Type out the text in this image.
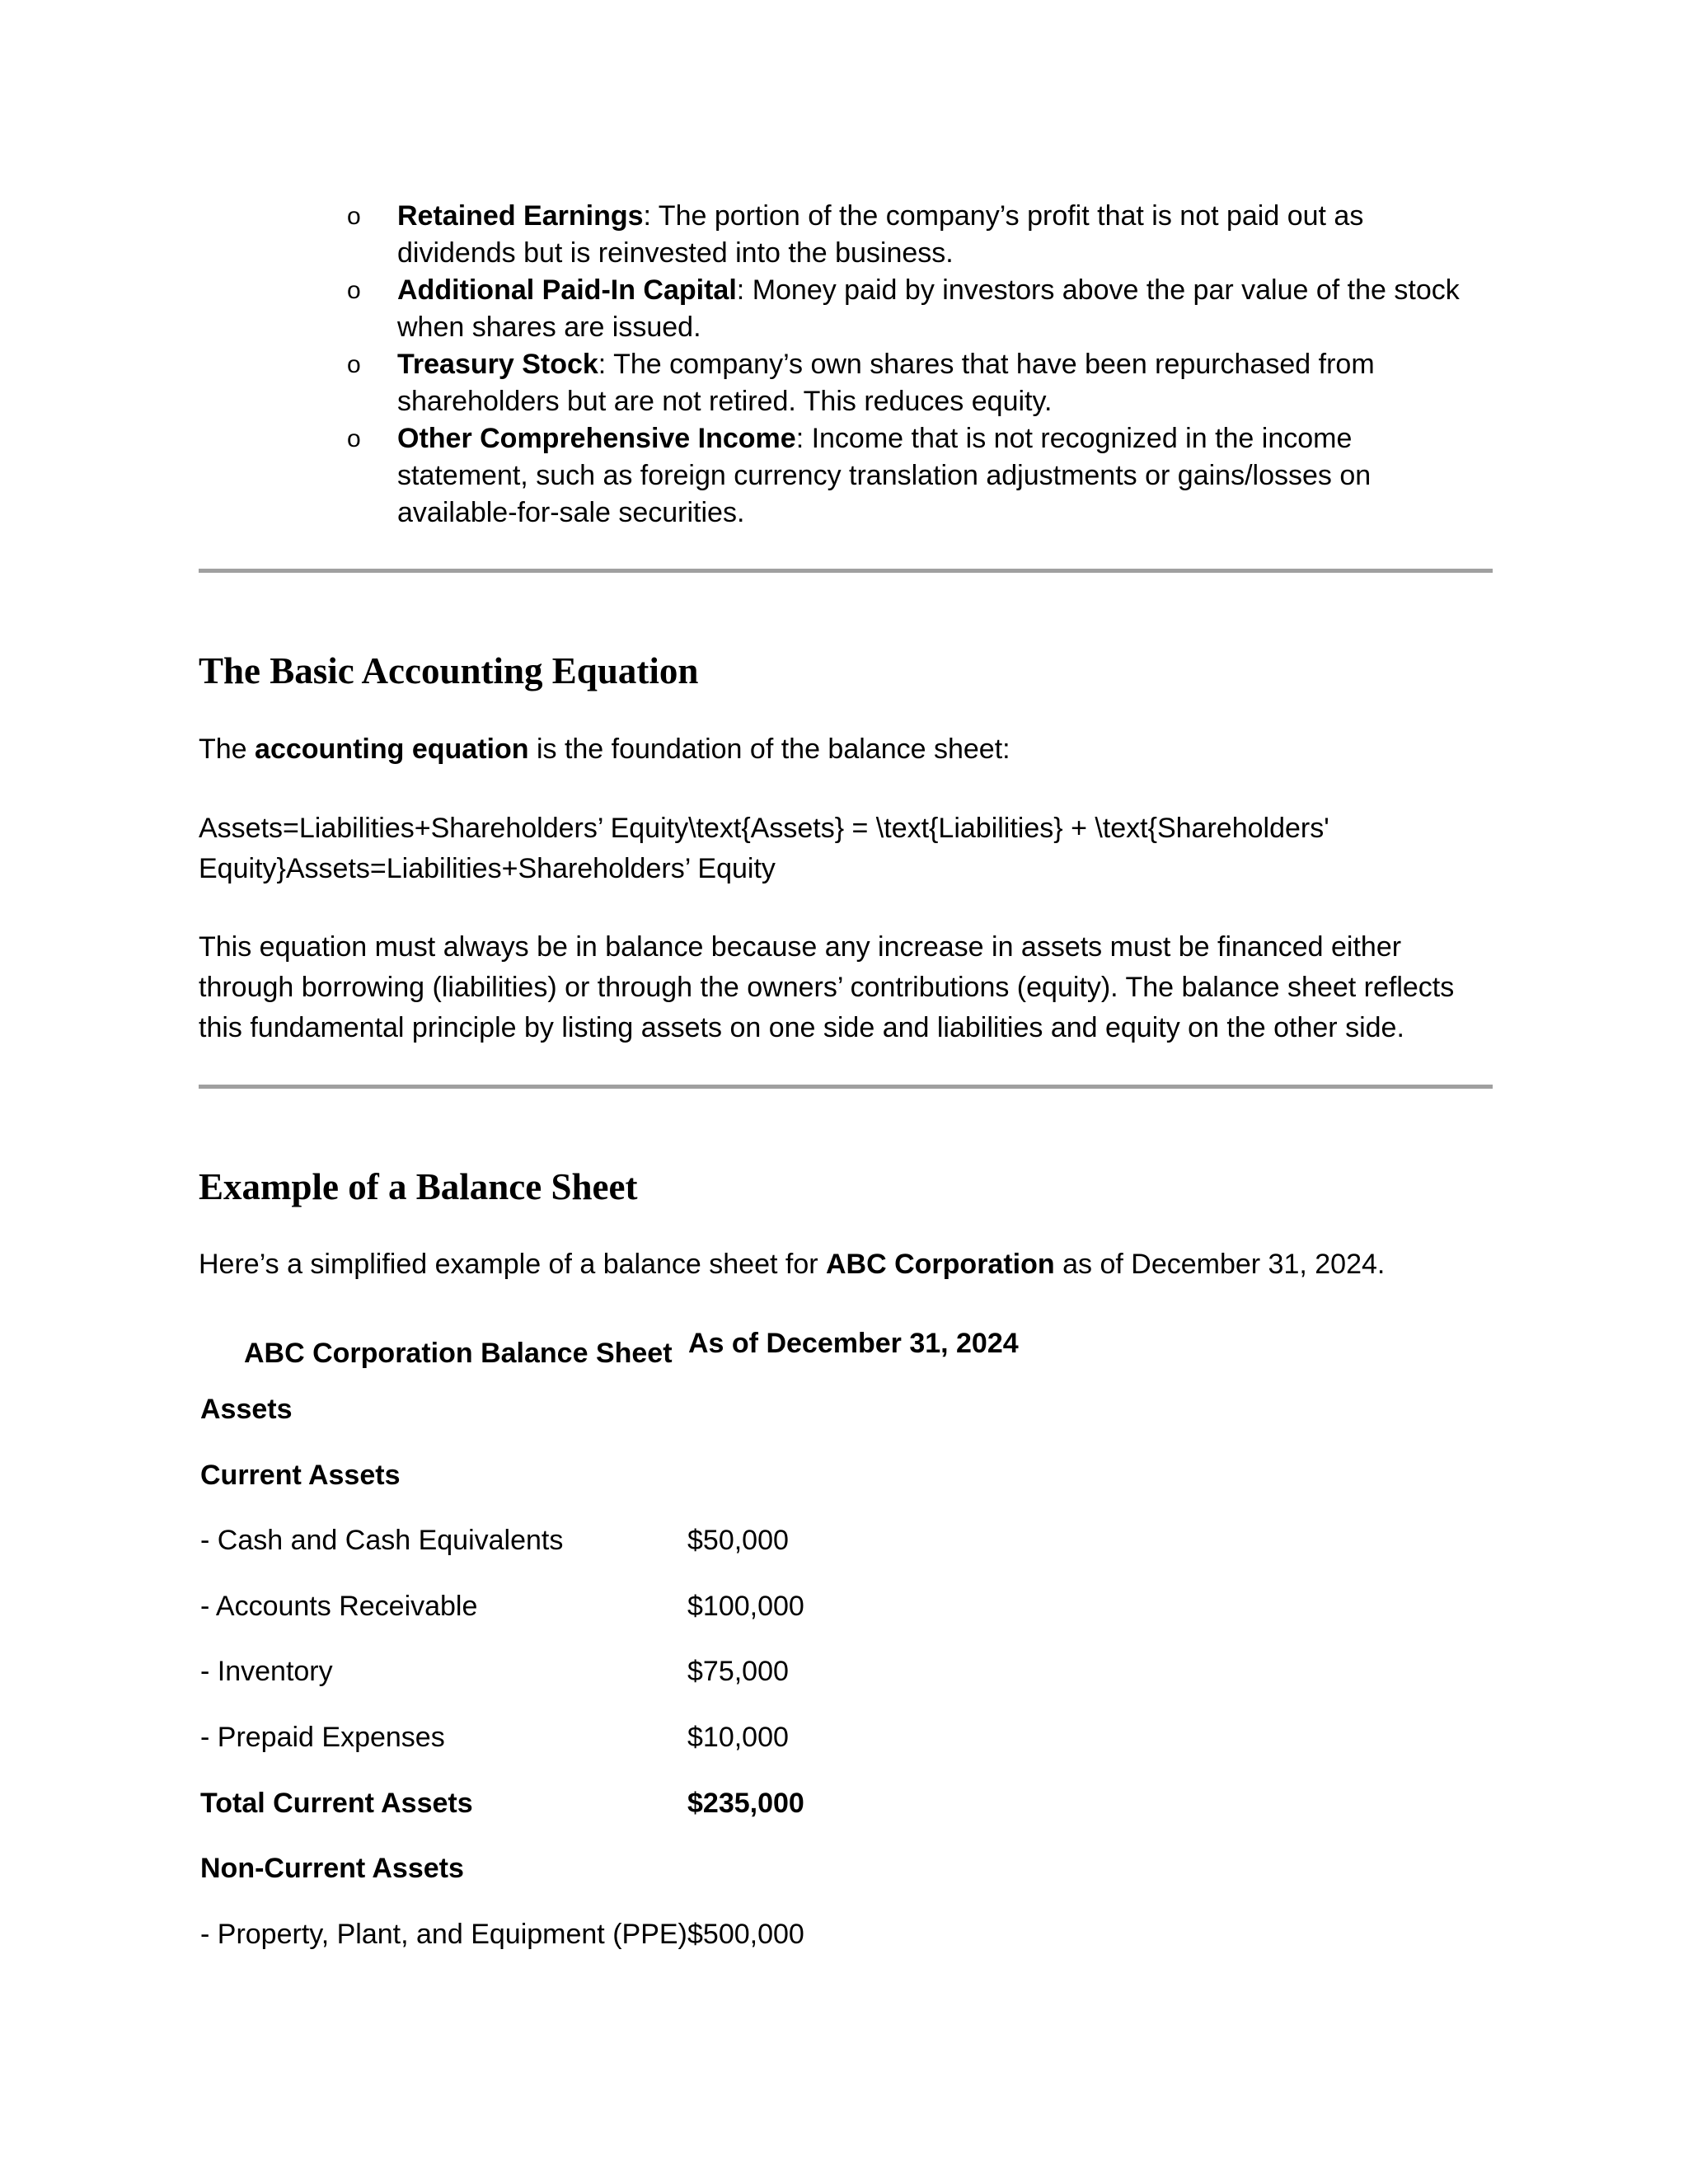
o Retained Earnings: The portion of the company’s profit that is not paid out as dividends but is reinvested into the business.
o Additional Paid-In Capital: Money paid by investors above the par value of the stock when shares are issued.
o Treasury Stock: The company’s own shares that have been repurchased from shareholders but are not retired. This reduces equity.
o Other Comprehensive Income: Income that is not recognized in the income statement, such as foreign currency translation adjustments or gains/losses on available-for-sale securities.
The Basic Accounting Equation

The accounting equation is the foundation of the balance sheet:

Assets=Liabilities+Shareholders’ Equity\text{Assets} = \text{Liabilities} + \text{Shareholders' Equity}Assets=Liabilities+Shareholders’ Equity

This equation must always be in balance because any increase in assets must be financed either through borrowing (liabilities) or through the owners’ contributions (equity). The balance sheet reflects this fundamental principle by listing assets on one side and liabilities and equity on the other side.

Example of a Balance Sheet

Here’s a simplified example of a balance sheet for ABC Corporation as of December 31, 2024.

ABC Corporation Balance Sheet As of December 31, 2024
Assets
Current Assets
- Cash and Cash Equivalents	$50,000
- Accounts Receivable	$100,000
- Inventory	$75,000
- Prepaid Expenses	$10,000
Total Current Assets	$235,000
Non-Current Assets
- Property, Plant, and Equipment (PPE) $500,000
